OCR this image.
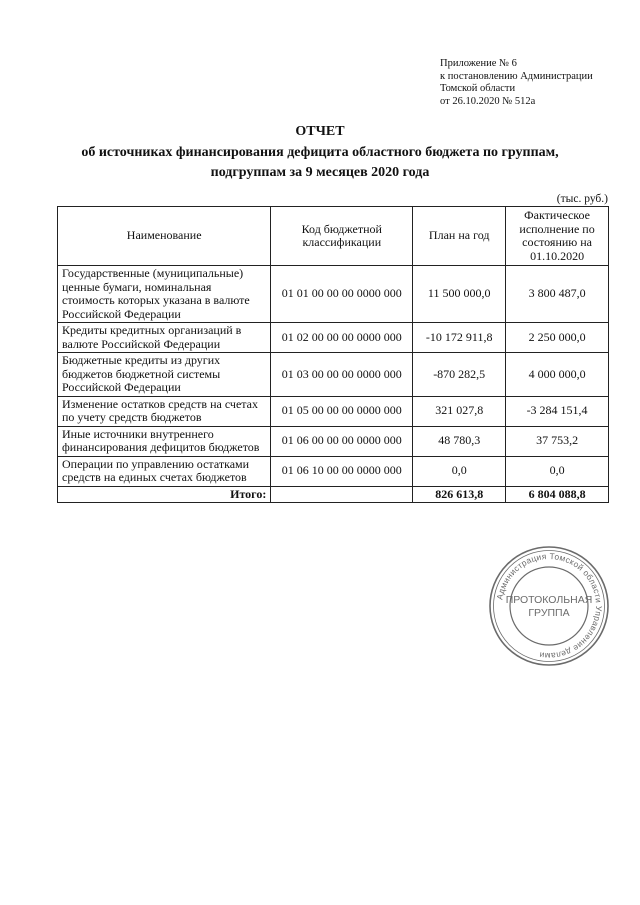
Приложение № 6
к постановлению Администрации
Томской области
от 26.10.2020 № 512а
ОТЧЕТ
об источниках финансирования дефицита областного бюджета по группам,
подгруппам за 9 месяцев 2020 года
(тыс. руб.)
Наименование	Код бюджетной классификации	План на год	Фактическое исполнение по состоянию на 01.10.2020
Государственные (муниципальные) ценные бумаги, номинальная стоимость которых указана в валюте Российской Федерации	01 01 00 00 00 0000 000	11 500 000,0	3 800 487,0
Кредиты кредитных организаций в валюте Российской Федерации	01 02 00 00 00 0000 000	-10 172 911,8	2 250 000,0
Бюджетные кредиты из других бюджетов бюджетной системы Российской Федерации	01 03 00 00 00 0000 000	-870 282,5	4 000 000,0
Изменение остатков средств на счетах по учету средств бюджетов	01 05 00 00 00 0000 000	321 027,8	-3 284 151,4
Иные источники внутреннего финансирования дефицитов бюджетов	01 06 00 00 00 0000 000	48 780,3	37 753,2
Операции по управлению остатками средств на единых счетах бюджетов	01 06 10 00 00 0000 000	0,0	0,0
Итого:		826 613,8	6 804 088,8
Администрация Томской области Управление делами
ПРОТОКОЛЬНАЯ
ГРУППА
